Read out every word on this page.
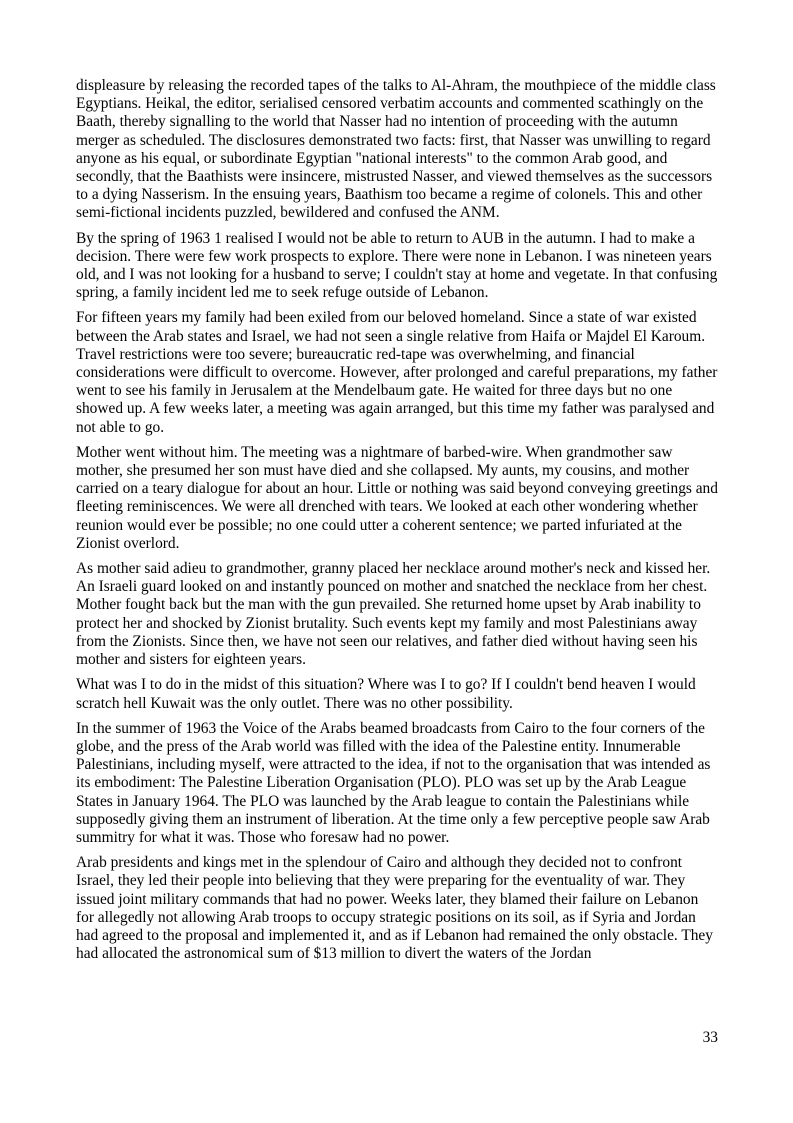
displeasure by releasing the recorded tapes of the talks to Al-Ahram, the mouthpiece of the middle class Egyptians. Heikal, the editor, serialised censored verbatim accounts and commented scathingly on the Baath, thereby signalling to the world that Nasser had no intention of proceeding with the autumn merger as scheduled. The disclosures demonstrated two facts: first, that Nasser was unwilling to regard anyone as his equal, or subordinate Egyptian "national interests" to the common Arab good, and secondly, that the Baathists were insincere, mistrusted Nasser, and viewed themselves as the successors to a dying Nasserism. In the ensuing years, Baathism too became a regime of colonels. This and other semi-fictional incidents puzzled, bewildered and confused the ANM.

By the spring of 1963 1 realised I would not be able to return to AUB in the autumn. I had to make a decision. There were few work prospects to explore. There were none in Lebanon. I was nineteen years old, and I was not looking for a husband to serve; I couldn't stay at home and vegetate. In that confusing spring, a family incident led me to seek refuge outside of Lebanon.

For fifteen years my family had been exiled from our beloved homeland. Since a state of war existed between the Arab states and Israel, we had not seen a single relative from Haifa or Majdel El Karoum. Travel restrictions were too severe; bureaucratic red-tape was overwhelming, and financial considerations were difficult to overcome. However, after prolonged and careful preparations, my father went to see his family in Jerusalem at the Mendelbaum gate. He waited for three days but no one showed up. A few weeks later, a meeting was again arranged, but this time my father was paralysed and not able to go.

Mother went without him. The meeting was a nightmare of barbed-wire. When grandmother saw mother, she presumed her son must have died and she collapsed. My aunts, my cousins, and mother carried on a teary dialogue for about an hour. Little or nothing was said beyond conveying greetings and fleeting reminiscences. We were all drenched with tears. We looked at each other wondering whether reunion would ever be possible; no one could utter a coherent sentence; we parted infuriated at the Zionist overlord.

As mother said adieu to grandmother, granny placed her necklace around mother's neck and kissed her. An Israeli guard looked on and instantly pounced on mother and snatched the necklace from her chest. Mother fought back but the man with the gun prevailed. She returned home upset by Arab inability to protect her and shocked by Zionist brutality. Such events kept my family and most Palestinians away from the Zionists. Since then, we have not seen our relatives, and father died without having seen his mother and sisters for eighteen years.

What was I to do in the midst of this situation? Where was I to go? If I couldn't bend heaven I would scratch hell Kuwait was the only outlet. There was no other possibility.

In the summer of 1963 the Voice of the Arabs beamed broadcasts from Cairo to the four corners of the globe, and the press of the Arab world was filled with the idea of the Palestine entity. Innumerable Palestinians, including myself, were attracted to the idea, if not to the organisation that was intended as its embodiment: The Palestine Liberation Organisation (PLO). PLO was set up by the Arab League States in January 1964. The PLO was launched by the Arab league to contain the Palestinians while supposedly giving them an instrument of liberation. At the time only a few perceptive people saw Arab summitry for what it was. Those who foresaw had no power.

Arab presidents and kings met in the splendour of Cairo and although they decided not to confront Israel, they led their people into believing that they were preparing for the eventuality of war. They issued joint military commands that had no power. Weeks later, they blamed their failure on Lebanon for allegedly not allowing Arab troops to occupy strategic positions on its soil, as if Syria and Jordan had agreed to the proposal and implemented it, and as if Lebanon had remained the only obstacle. They had allocated the astronomical sum of $13 million to divert the waters of the Jordan

33
